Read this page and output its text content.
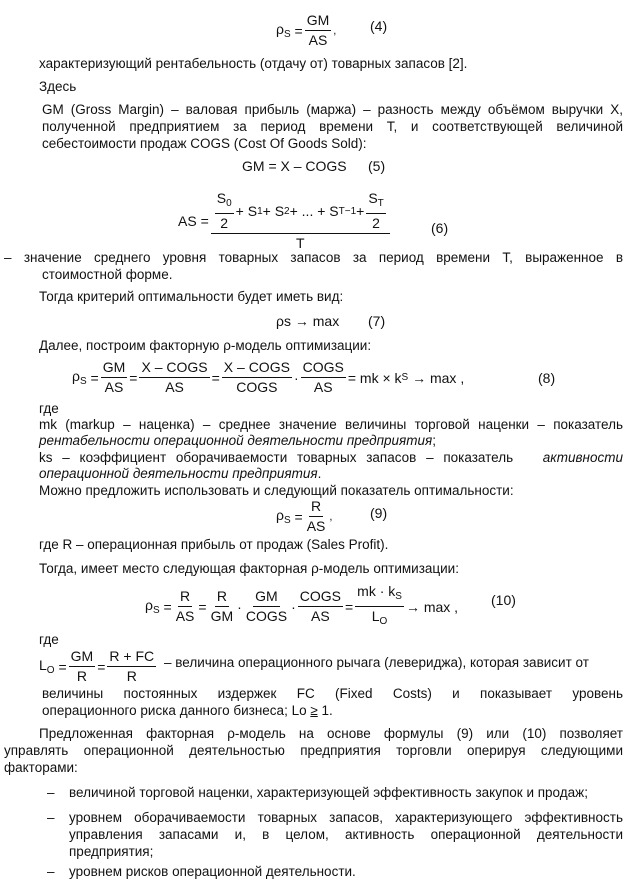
$\rho_S = \frac{GM}{AS}$ , (4)
характеризующий рентабельность (отдачу от) товарных запасов [2].
Здесь
GM (Gross Margin) – валовая прибыль (маржа) – разность между объёмом выручки X,
полученной предприятием за период времени T, и соответствующей величиной
себестоимости продаж COGS (Cost Of Goods Sold):
GM = X – COGS (5)
AS = $\frac{S_0}{2} + S$ 1 + S 2 + ... + S $T-1 + \frac{S_T}{2}$
T
(6)
– значение среднего уровня товарных запасов за период времени T, выраженное в
стоимостной форме.
Тогда критерий оптимальности будет иметь вид:
ρs → max (7)
Далее, построим факторную ρ-модель оптимизации:
$\rho_S = \frac{GM}{AS} = \frac{\text{X – COGS}}{AS} = \frac{\text{X – COGS}}{\text{COGS}} \cdot \frac{\text{COGS}}{AS}$ = mk × k S
→ max ,	(8)
где
mk (markup – наценка) – среднее значение величины торговой наценки – показатель
рентабельности операционной деятельности предприятия;
ks – коэффициент оборачиваемости товарных запасов – показатель активности
операционной деятельности предприятия.
Можно предложить использовать и следующий показатель оптимальности:
$\rho_S = \frac{R}{AS}$ ,	(9)
где R – операционная прибыль от продаж (Sales Profit).
Тогда, имеет место следующая факторная ρ-модель оптимизации:
$\rho_S = \frac{R}{AS} = \frac{R}{GM} \cdot \frac{GM}{\text{COGS}} \cdot \frac{\text{COGS}}{AS} = \frac{mk \cdot k_S}{L_O} \to \max$ , (10)
где
$L_O = \frac{GM}{R} = \frac{R + FC}{R}$ – величина операционного рычага (левериджа), которая зависит от
величины постоянных издержек FC (Fixed Costs) и показывает уровень
операционного риска данного бизнеса; Lo ≥ 1.
Предложенная факторная ρ-модель на основе формулы (9) или (10) позволяет
управлять операционной деятельностью предприятия торговли оперируя следующими
факторами:
– величиной торговой наценки, характеризующей эффективность закупок и продаж;
– уровнем оборачиваемости товарных запасов, характеризующего эффективность
управления запасами и, в целом, активность операционной деятельности
предприятия;
– уровнем рисков операционной деятельности.
